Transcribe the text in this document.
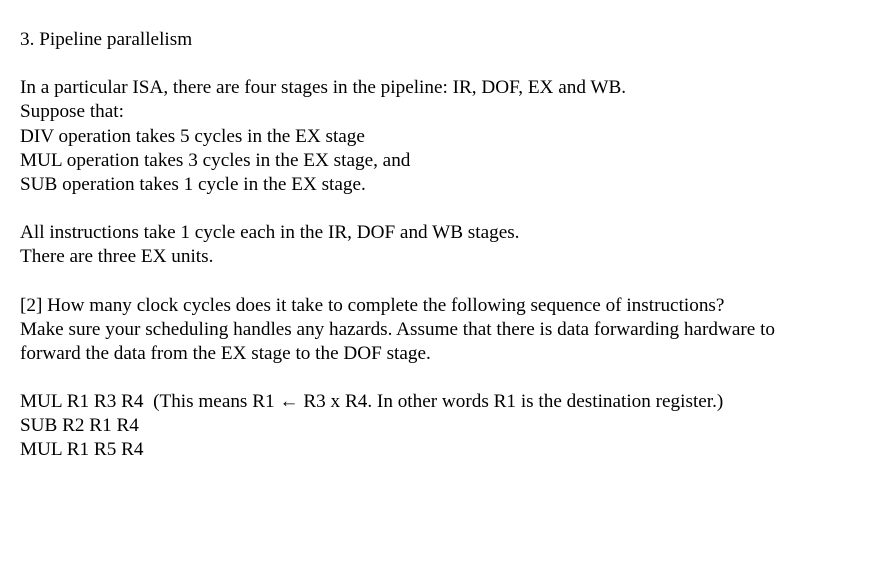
3. Pipeline parallelism
In a particular ISA, there are four stages in the pipeline: IR, DOF, EX and WB.
Suppose that:
DIV operation takes 5 cycles in the EX stage
MUL operation takes 3 cycles in the EX stage, and
SUB operation takes 1 cycle in the EX stage.
All instructions take 1 cycle each in the IR, DOF and WB stages.
There are three EX units.
[2] How many clock cycles does it take to complete the following sequence of instructions?
Make sure your scheduling handles any hazards. Assume that there is data forwarding hardware to
forward the data from the EX stage to the DOF stage.
MUL R1 R3 R4  (This means R1 ← R3 x R4. In other words R1 is the destination register.)
SUB R2 R1 R4
MUL R1 R5 R4
